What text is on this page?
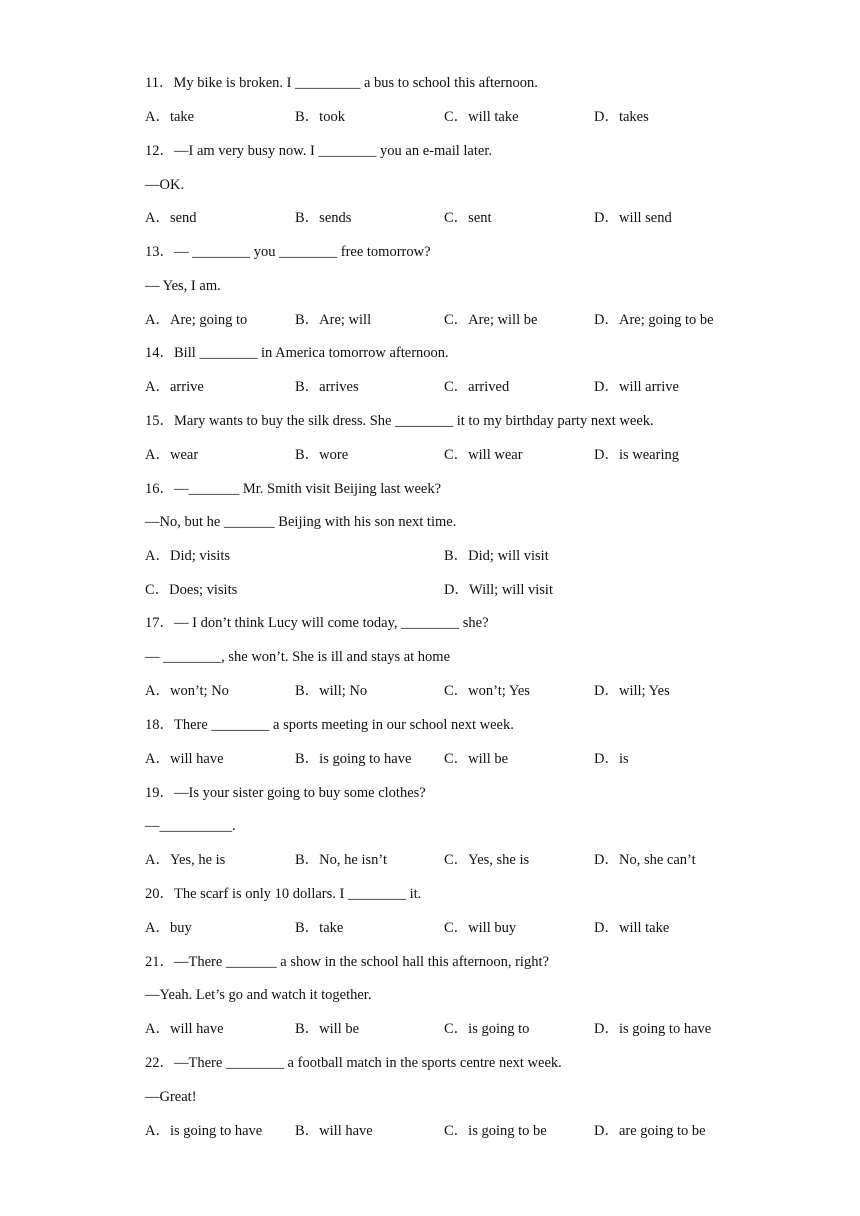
11．My bike is broken. I _________ a bus to school this afternoon.
A．take	B．took	C．will take	D．takes
12．—I am very busy now. I ________ you an e-mail later.
—OK.
A．send	B．sends	C．sent	D．will send
13．— ________ you ________ free tomorrow?
— Yes, I am.
A．Are; going to	B．Are; will	C．Are; will be	D．Are; going to be
14．Bill ________ in America tomorrow afternoon.
A．arrive	B．arrives	C．arrived	D．will arrive
15．Mary wants to buy the silk dress. She ________ it to my birthday party next week.
A．wear	B．wore	C．will wear	D．is wearing
16．—_______ Mr. Smith visit Beijing last week?
—No, but he _______ Beijing with his son next time.
A．Did; visits	B．Did; will visit
C．Does; visits	D．Will; will visit
17．— I don’t think Lucy will come today, ________ she?
— ________, she won’t. She is ill and stays at home
A．won’t; No	B．will; No	C．won’t; Yes	D．will; Yes
18．There ________ a sports meeting in our school next week.
A．will have	B．is going to have C．will be	D．is
19．—Is your sister going to buy some clothes?
—__________.
A．Yes, he is	B．No, he isn’t	C．Yes, she is	D．No, she can’t
20．The scarf is only 10 dollars. I ________ it.
A．buy	B．take	C．will buy	D．will take
21．—There _______ a show in the school hall this afternoon, right?
—Yeah. Let’s go and watch it together.
A．will have	B．will be	C．is going to	D．is going to have
22．—There ________ a football match in the sports centre next week.
—Great!
A．is going to have B．will have	C．is going to be	D．are going to be
